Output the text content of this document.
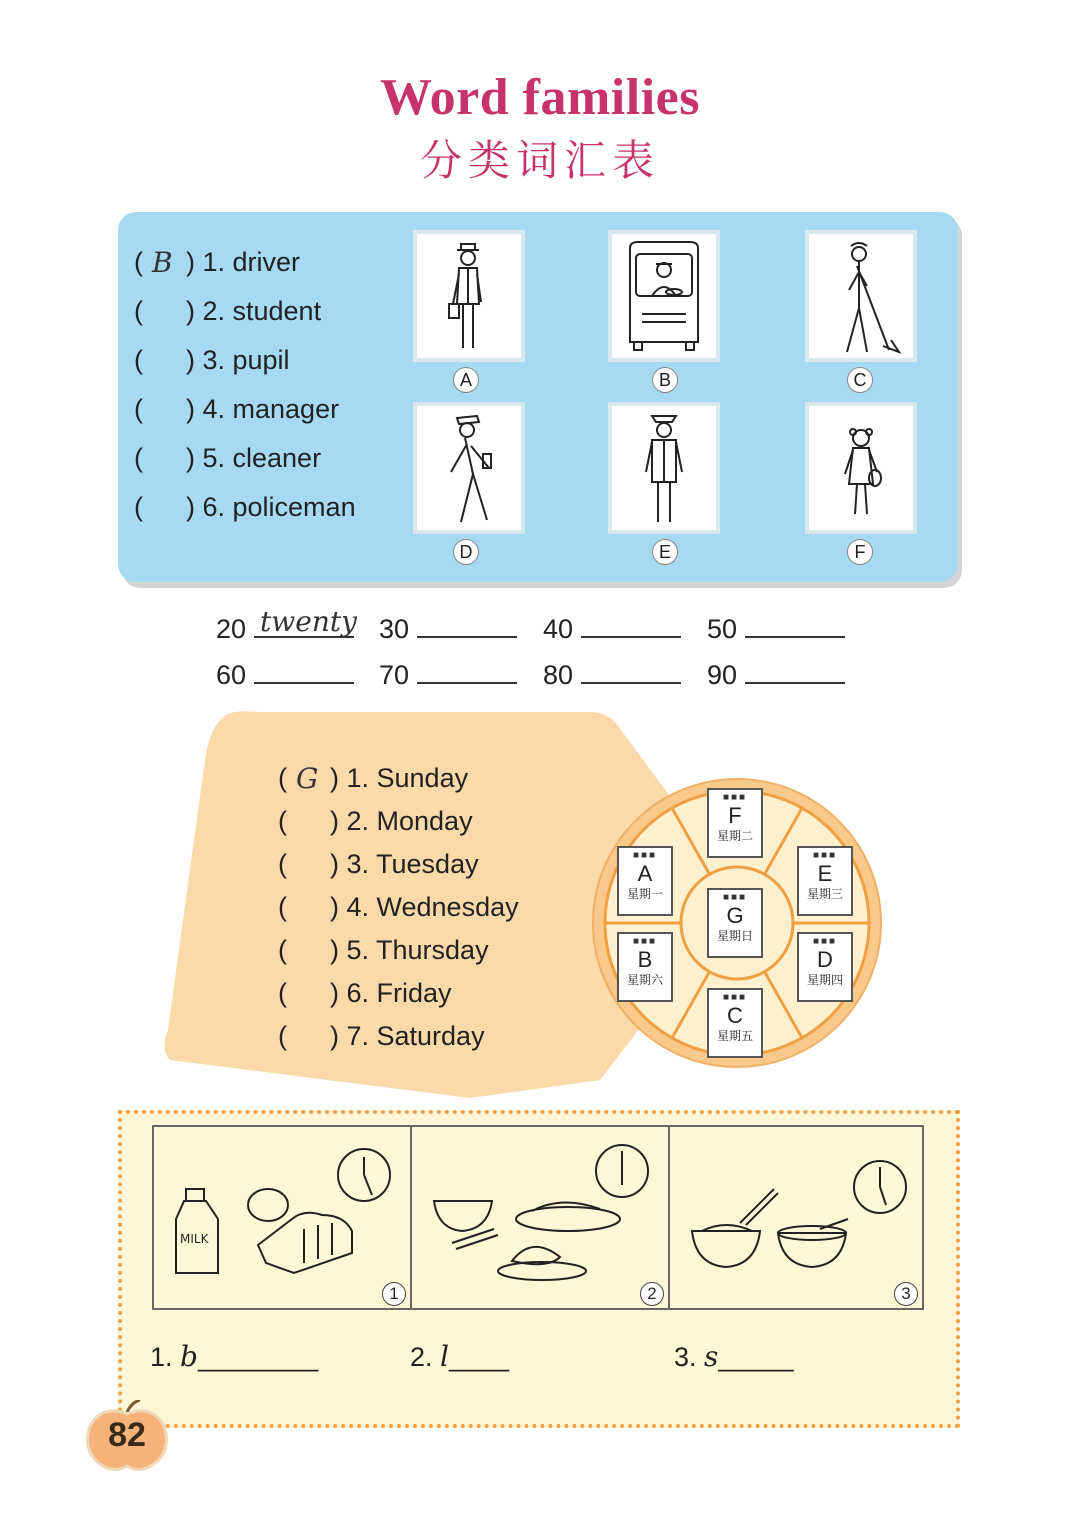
Word families
分类词汇表
( B ) 1. driver
( ) 2. student
( ) 3. pupil
( ) 4. manager
( ) 5. cleaner
( ) 6. policeman
A	B	C
D	E	F
20 twenty 30	40	50
60	70	80	90
( G ) 1. Sunday
( ) 2. Monday
( ) 3. Tuesday
( ) 4. Wednesday
( ) 5. Thursday
( ) 6. Friday
( ) 7. Saturday
■■■
F
星期二
■■■
A
星期一
■■■
E
星期三
■■■
G
星期日
■■■
B
星期六
■■■
D
星期四
■■■
C
星期五
MILK
1	2	3
1. b________	2. l____	3. s_____
82
